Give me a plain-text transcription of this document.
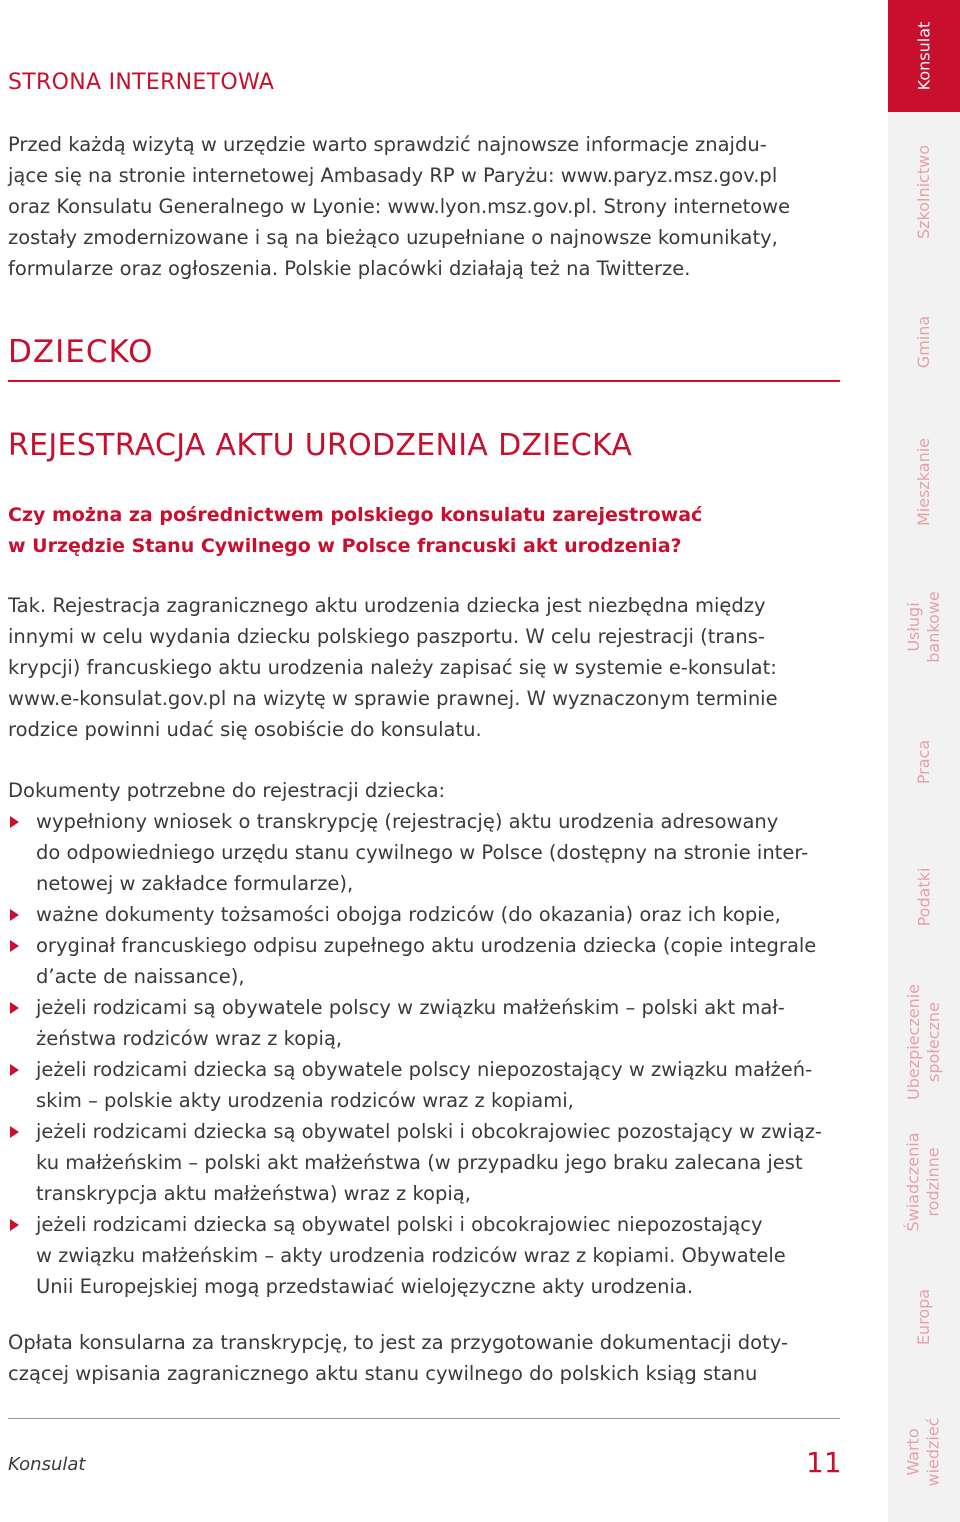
STRONA INTERNETOWA
Przed każdą wizytą w urzędzie warto sprawdzić najnowsze informacje znajdu-
jące się na stronie internetowej Ambasady RP w Paryżu: www.paryz.msz.gov.pl
oraz Konsulatu Generalnego w Lyonie: www.lyon.msz.gov.pl. Strony internetowe
zostały zmodernizowane i są na bieżąco uzupełniane o najnowsze komunikaty,
formularze oraz ogłoszenia. Polskie placówki działają też na Twitterze.
DZIECKO
REJESTRACJA AKTU URODZENIA DZIECKA
Czy można za pośrednictwem polskiego konsulatu zarejestrować
w Urzędzie Stanu Cywilnego w Polsce francuski akt urodzenia?
Tak. Rejestracja zagranicznego aktu urodzenia dziecka jest niezbędna między
innymi w celu wydania dziecku polskiego paszportu. W celu rejestracji (trans-
krypcji) francuskiego aktu urodzenia należy zapisać się w systemie e-konsulat:
www.e-konsulat.gov.pl na wizytę w sprawie prawnej. W wyznaczonym terminie
rodzice powinni udać się osobiście do konsulatu.
Dokumenty potrzebne do rejestracji dziecka:
wypełniony wniosek o transkrypcję (rejestrację) aktu urodzenia adresowany
do odpowiedniego urzędu stanu cywilnego w Polsce (dostępny na stronie inter-
netowej w zakładce formularze),
ważne dokumenty tożsamości obojga rodziców (do okazania) oraz ich kopie,
oryginał francuskiego odpisu zupełnego aktu urodzenia dziecka (copie integrale
d’acte de naissance),
jeżeli rodzicami są obywatele polscy w związku małżeńskim – polski akt mał-
żeństwa rodziców wraz z kopią,
jeżeli rodzicami dziecka są obywatele polscy niepozostający w związku małżeń-
skim – polskie akty urodzenia rodziców wraz z kopiami,
jeżeli rodzicami dziecka są obywatel polski i obcokrajowiec pozostający w związ-
ku małżeńskim – polski akt małżeństwa (w przypadku jego braku zalecana jest
transkrypcja aktu małżeństwa) wraz z kopią,
jeżeli rodzicami dziecka są obywatel polski i obcokrajowiec niepozostający
w związku małżeńskim – akty urodzenia rodziców wraz z kopiami. Obywatele
Unii Europejskiej mogą przedstawiać wielojęzyczne akty urodzenia.
Opłata konsularna za transkrypcję, to jest za przygotowanie dokumentacji doty-
czącej wpisania zagranicznego aktu stanu cywilnego do polskich ksiąg stanu
Konsulat	11
Konsulat
Szkolnictwo
Gmina
Mieszkanie
Usługi
bankowe
Praca
Podatki
Ubezpieczenie
społeczne
Świadczenia
rodzinne
Europa
Warto
wiedzieć
